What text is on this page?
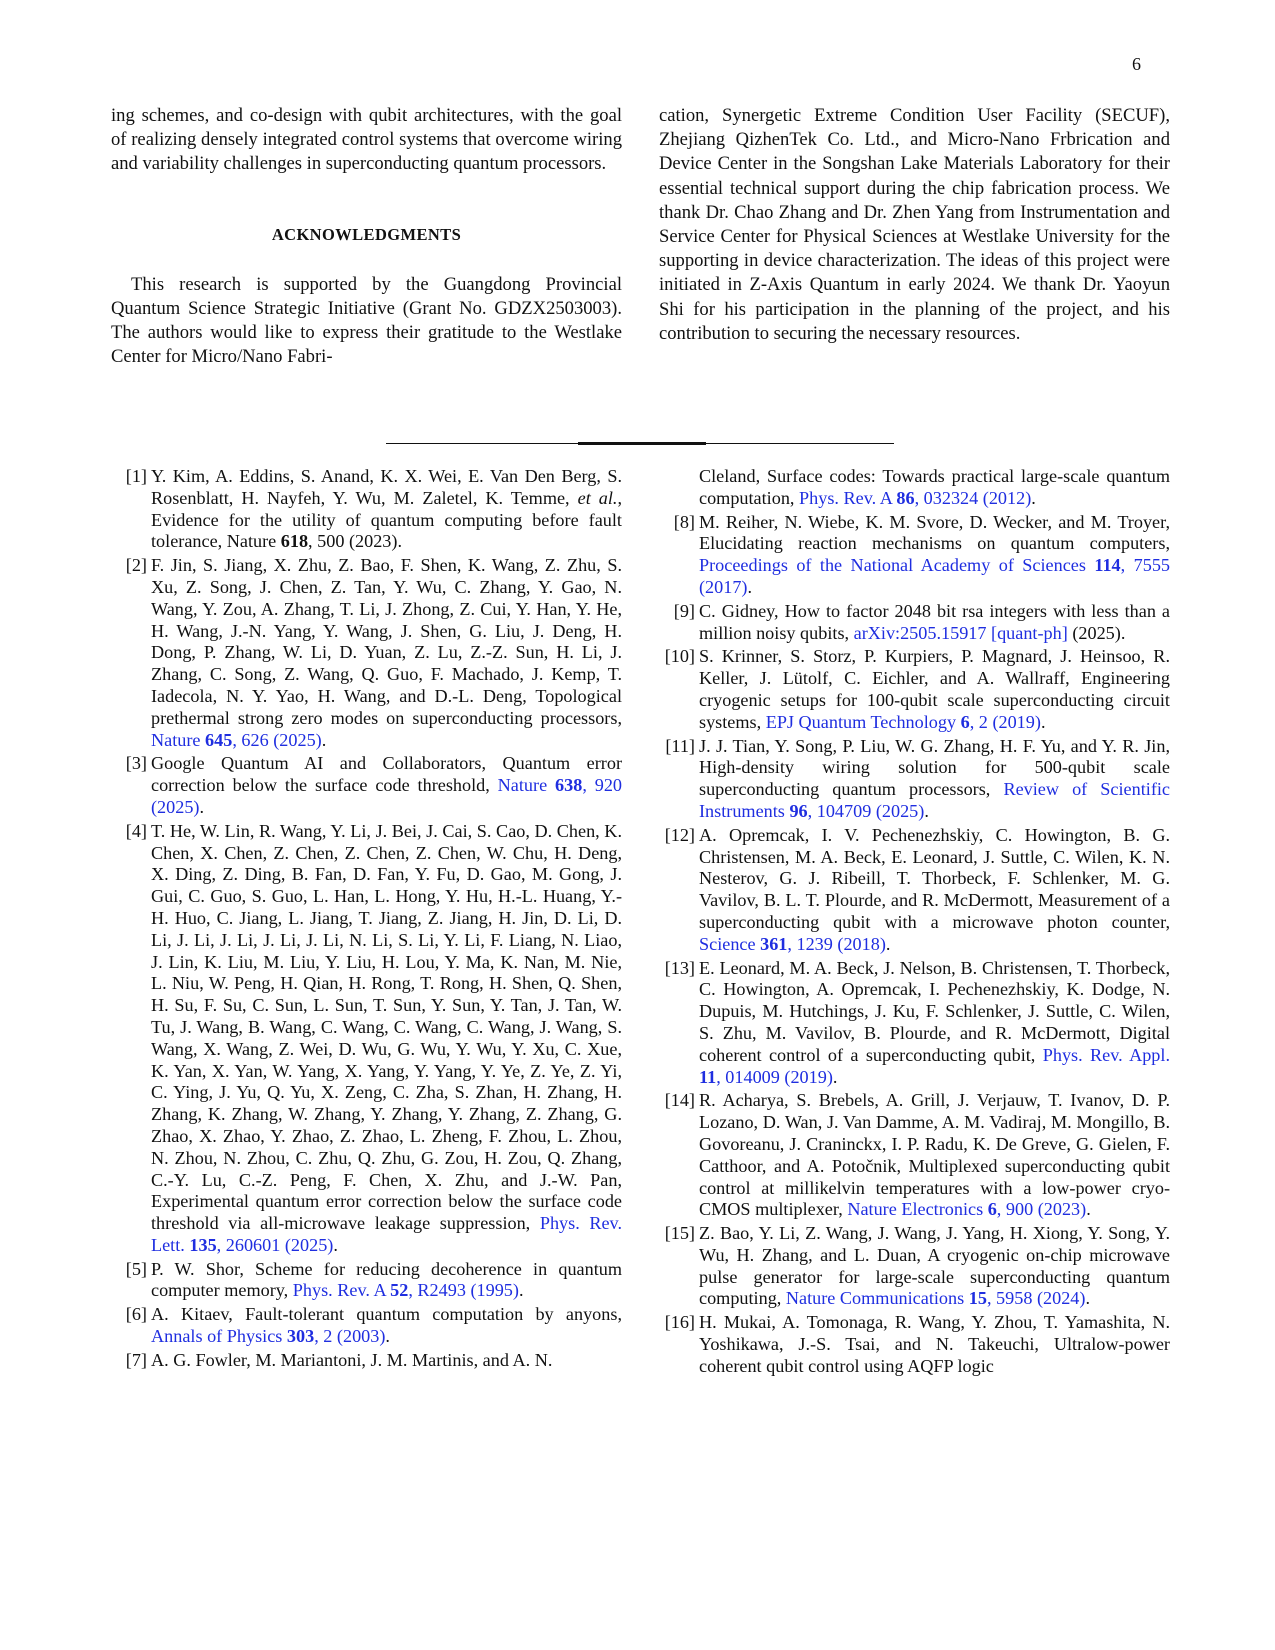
6

ing schemes, and co-design with qubit architectures, with the goal of realizing densely integrated control systems that overcome wiring and variability challenges in superconducting quantum processors.

ACKNOWLEDGMENTS

This research is supported by the Guangdong Provincial Quantum Science Strategic Initiative (Grant No. GDZX2503003). The authors would like to express their gratitude to the Westlake Center for Micro/Nano Fabri-

cation, Synergetic Extreme Condition User Facility (SECUF), Zhejiang QizhenTek Co. Ltd., and Micro-Nano Frbrication and Device Center in the Songshan Lake Materials Laboratory for their essential technical support during the chip fabrication process. We thank Dr. Chao Zhang and Dr. Zhen Yang from Instrumentation and Service Center for Physical Sciences at Westlake University for the supporting in device characterization. The ideas of this project were initiated in Z-Axis Quantum in early 2024. We thank Dr. Yaoyun Shi for his participation in the planning of the project, and his contribution to securing the necessary resources.

[1] Y. Kim, A. Eddins, S. Anand, K. X. Wei, E. Van Den Berg, S. Rosenblatt, H. Nayfeh, Y. Wu, M. Zaletel, K. Temme, et al., Evidence for the utility of quantum computing before fault tolerance, Nature 618, 500 (2023).
[2] F. Jin, S. Jiang, X. Zhu, Z. Bao, F. Shen, K. Wang, Z. Zhu, S. Xu, Z. Song, J. Chen, Z. Tan, Y. Wu, C. Zhang, Y. Gao, N. Wang, Y. Zou, A. Zhang, T. Li, J. Zhong, Z. Cui, Y. Han, Y. He, H. Wang, J.-N. Yang, Y. Wang, J. Shen, G. Liu, J. Deng, H. Dong, P. Zhang, W. Li, D. Yuan, Z. Lu, Z.-Z. Sun, H. Li, J. Zhang, C. Song, Z. Wang, Q. Guo, F. Machado, J. Kemp, T. Iadecola, N. Y. Yao, H. Wang, and D.-L. Deng, Topological prethermal strong zero modes on superconducting processors, Nature 645, 626 (2025).
[3] Google Quantum AI and Collaborators, Quantum error correction below the surface code threshold, Nature 638, 920 (2025).
[4] T. He, W. Lin, R. Wang, Y. Li, J. Bei, J. Cai, S. Cao, D. Chen, K. Chen, X. Chen, Z. Chen, Z. Chen, Z. Chen, W. Chu, H. Deng, X. Ding, Z. Ding, B. Fan, D. Fan, Y. Fu, D. Gao, M. Gong, J. Gui, C. Guo, S. Guo, L. Han, L. Hong, Y. Hu, H.-L. Huang, Y.-H. Huo, C. Jiang, L. Jiang, T. Jiang, Z. Jiang, H. Jin, D. Li, D. Li, J. Li, J. Li, J. Li, J. Li, N. Li, S. Li, Y. Li, F. Liang, N. Liao, J. Lin, K. Liu, M. Liu, Y. Liu, H. Lou, Y. Ma, K. Nan, M. Nie, L. Niu, W. Peng, H. Qian, H. Rong, T. Rong, H. Shen, Q. Shen, H. Su, F. Su, C. Sun, L. Sun, T. Sun, Y. Sun, Y. Tan, J. Tan, W. Tu, J. Wang, B. Wang, C. Wang, C. Wang, C. Wang, J. Wang, S. Wang, X. Wang, Z. Wei, D. Wu, G. Wu, Y. Wu, Y. Xu, C. Xue, K. Yan, X. Yan, W. Yang, X. Yang, Y. Yang, Y. Ye, Z. Ye, Z. Yi, C. Ying, J. Yu, Q. Yu, X. Zeng, C. Zha, S. Zhan, H. Zhang, H. Zhang, K. Zhang, W. Zhang, Y. Zhang, Y. Zhang, Z. Zhang, G. Zhao, X. Zhao, Y. Zhao, Z. Zhao, L. Zheng, F. Zhou, L. Zhou, N. Zhou, N. Zhou, C. Zhu, Q. Zhu, G. Zou, H. Zou, Q. Zhang, C.-Y. Lu, C.-Z. Peng, F. Chen, X. Zhu, and J.-W. Pan, Experimental quantum error correction below the surface code threshold via all-microwave leakage suppression, Phys. Rev. Lett. 135, 260601 (2025).
[5] P. W. Shor, Scheme for reducing decoherence in quantum computer memory, Phys. Rev. A 52, R2493 (1995).
[6] A. Kitaev, Fault-tolerant quantum computation by anyons, Annals of Physics 303, 2 (2003).
[7] A. G. Fowler, M. Mariantoni, J. M. Martinis, and A. N.
Cleland, Surface codes: Towards practical large-scale quantum computation, Phys. Rev. A 86, 032324 (2012).
[8] M. Reiher, N. Wiebe, K. M. Svore, D. Wecker, and M. Troyer, Elucidating reaction mechanisms on quantum computers, Proceedings of the National Academy of Sciences 114, 7555 (2017).
[9] C. Gidney, How to factor 2048 bit rsa integers with less than a million noisy qubits, arXiv:2505.15917 [quant-ph] (2025).
[10] S. Krinner, S. Storz, P. Kurpiers, P. Magnard, J. Heinsoo, R. Keller, J. Lütolf, C. Eichler, and A. Wallraff, Engineering cryogenic setups for 100-qubit scale superconducting circuit systems, EPJ Quantum Technology 6, 2 (2019).
[11] J. J. Tian, Y. Song, P. Liu, W. G. Zhang, H. F. Yu, and Y. R. Jin, High-density wiring solution for 500-qubit scale superconducting quantum processors, Review of Scientific Instruments 96, 104709 (2025).
[12] A. Opremcak, I. V. Pechenezhskiy, C. Howington, B. G. Christensen, M. A. Beck, E. Leonard, J. Suttle, C. Wilen, K. N. Nesterov, G. J. Ribeill, T. Thorbeck, F. Schlenker, M. G. Vavilov, B. L. T. Plourde, and R. McDermott, Measurement of a superconducting qubit with a microwave photon counter, Science 361, 1239 (2018).
[13] E. Leonard, M. A. Beck, J. Nelson, B. Christensen, T. Thorbeck, C. Howington, A. Opremcak, I. Pechenezhskiy, K. Dodge, N. Dupuis, M. Hutchings, J. Ku, F. Schlenker, J. Suttle, C. Wilen, S. Zhu, M. Vavilov, B. Plourde, and R. McDermott, Digital coherent control of a superconducting qubit, Phys. Rev. Appl. 11, 014009 (2019).
[14] R. Acharya, S. Brebels, A. Grill, J. Verjauw, T. Ivanov, D. P. Lozano, D. Wan, J. Van Damme, A. M. Vadiraj, M. Mongillo, B. Govoreanu, J. Craninckx, I. P. Radu, K. De Greve, G. Gielen, F. Catthoor, and A. Potočnik, Multiplexed superconducting qubit control at millikelvin temperatures with a low-power cryo-CMOS multiplexer, Nature Electronics 6, 900 (2023).
[15] Z. Bao, Y. Li, Z. Wang, J. Wang, J. Yang, H. Xiong, Y. Song, Y. Wu, H. Zhang, and L. Duan, A cryogenic on-chip microwave pulse generator for large-scale superconducting quantum computing, Nature Communications 15, 5958 (2024).
[16] H. Mukai, A. Tomonaga, R. Wang, Y. Zhou, T. Yamashita, N. Yoshikawa, J.-S. Tsai, and N. Takeuchi, Ultralow-power coherent qubit control using AQFP logic
